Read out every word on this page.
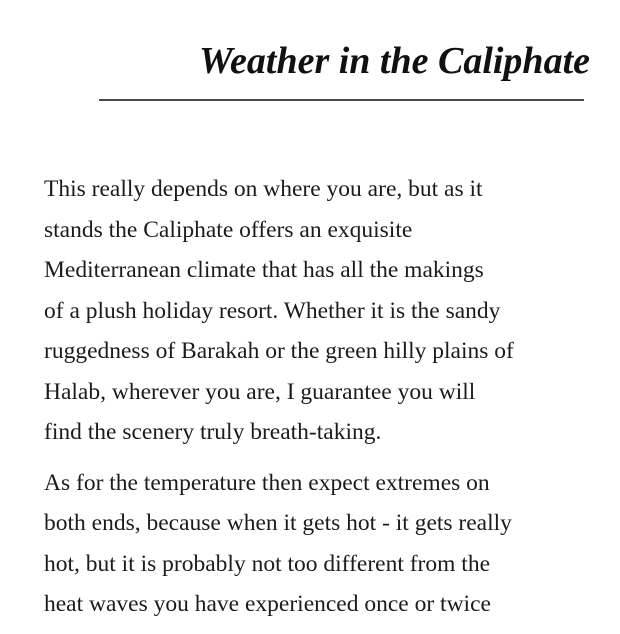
Weather in the Caliphate

This really depends on where you are, but as it
stands the Caliphate offers an exquisite
Mediterranean climate that has all the makings
of a plush holiday resort. Whether it is the sandy
ruggedness of Barakah or the green hilly plains of
Halab, wherever you are, I guarantee you will
find the scenery truly breath-taking.

As for the temperature then expect extremes on
both ends, because when it gets hot - it gets really
hot, but it is probably not too different from the
heat waves you have experienced once or twice
